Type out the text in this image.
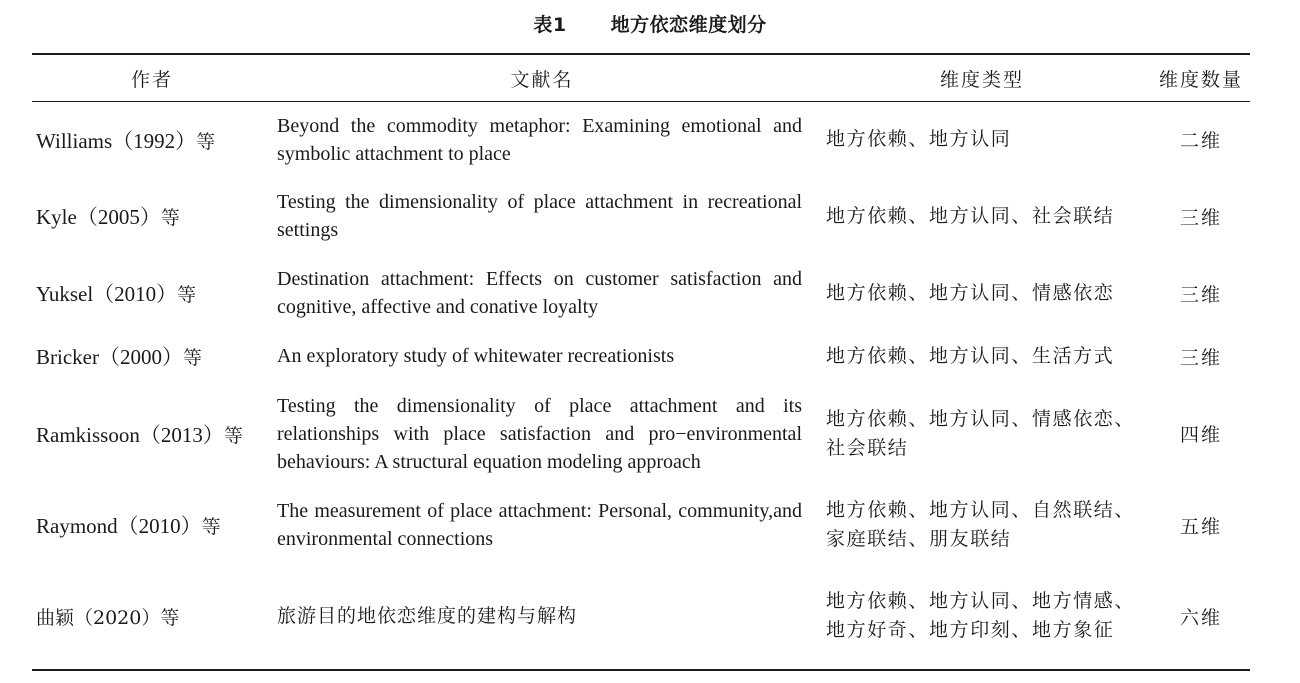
表1 地方依恋维度划分
作者	文献名	维度类型	维度数量
Williams（1992）等	Beyond the commodity metaphor: Examining emotional and symbolic attachment to place	地方依赖、地方认同	二维
Kyle（2005）等	Testing the dimensionality of place attachment in recreational settings	地方依赖、地方认同、社会联结	三维
Yuksel（2010）等	Destination attachment: Effects on customer satisfaction and cognitive, affective and conative loyalty	地方依赖、地方认同、情感依恋	三维
Bricker（2000）等	An exploratory study of whitewater recreationists	地方依赖、地方认同、生活方式	三维
Ramkissoon（2013）等	Testing the dimensionality of place attachment and its relationships with place satisfaction and pro−environmental behaviours: A structural equation modeling approach	地方依赖、地方认同、情感依恋、社会联结	四维
Raymond（2010）等	The measurement of place attachment: Personal, community,and environmental connections	地方依赖、地方认同、自然联结、家庭联结、朋友联结	五维
曲颖（2020）等	旅游目的地依恋维度的建构与解构	地方依赖、地方认同、地方情感、地方好奇、地方印刻、地方象征	六维
